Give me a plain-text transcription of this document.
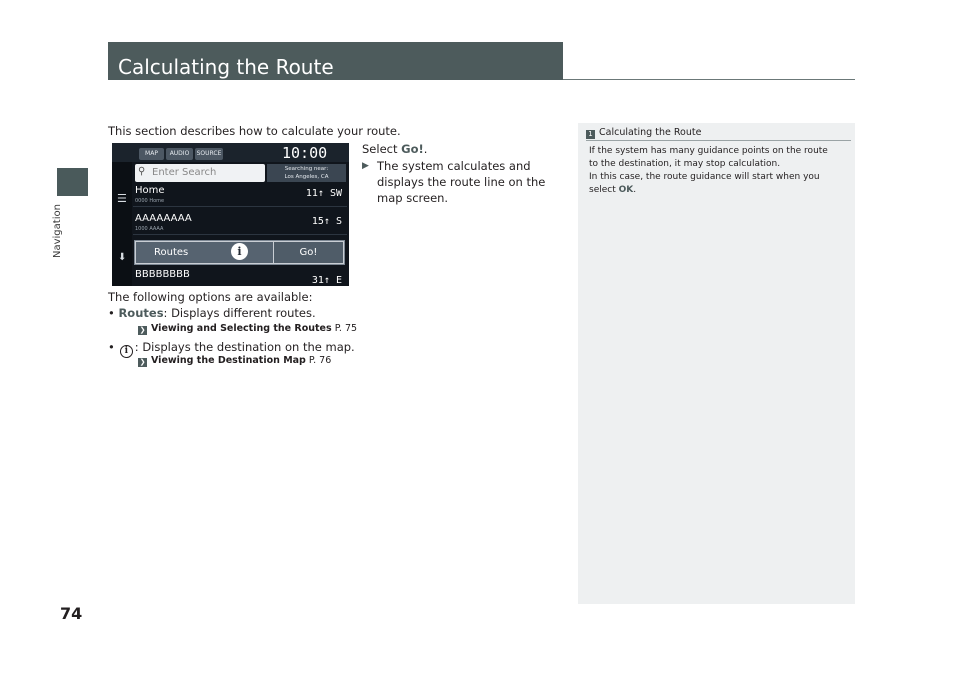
Navigation
74
Calculating the Route
This section describes how to calculate your route.
MAP	AUDIO	SOURCE	10:00
☰
⬇
⚲ Enter Search	Searching near:
Los Angeles, CA
Home
0000 Home
11↑ SW
AAAAAAAA
1000 AAAA
15↑ S
BBBBBBBB
31↑ E
Routes	i	Go!
Select Go!.
▶ The system calculates and displays the route line on the map screen.
The following options are available:
• Routes: Displays different routes.
❯ Viewing and Selecting the Routes P. 75
• i : Displays the destination on the map.
❯ Viewing the Destination Map P. 76
1 Calculating the Route
If the system has many guidance points on the route
to the destination, it may stop calculation.
In this case, the route guidance will start when you
select OK.
